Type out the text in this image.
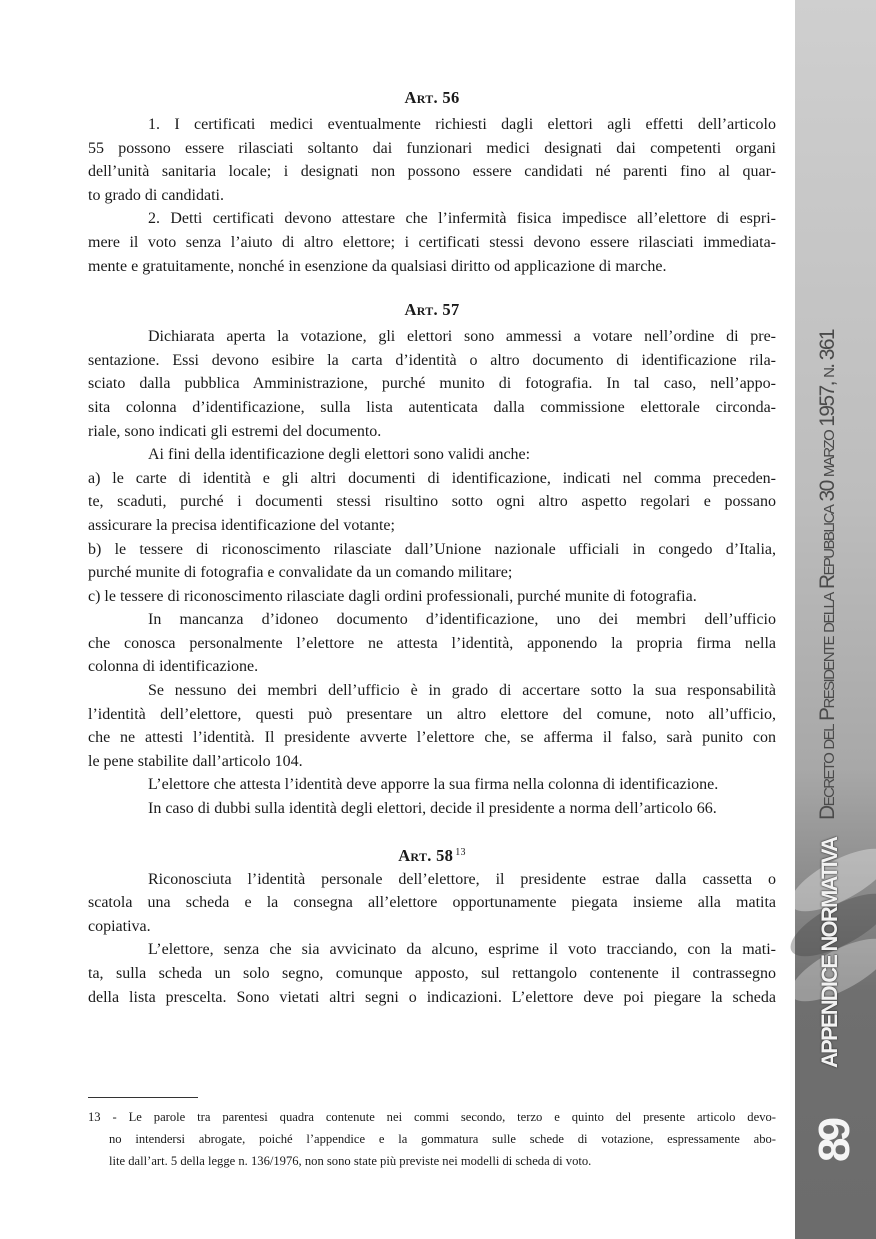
Art. 56
1. I certificati medici eventualmente richiesti dagli elettori agli effetti dell’articolo
55 possono essere rilasciati soltanto dai funzionari medici designati dai competenti organi
dell’unità sanitaria locale; i designati non possono essere candidati né parenti fino al quar-
to grado di candidati.
2. Detti certificati devono attestare che l’infermità fisica impedisce all’elettore di espri-
mere il voto senza l’aiuto di altro elettore; i certificati stessi devono essere rilasciati immediata-
mente e gratuitamente, nonché in esenzione da qualsiasi diritto od applicazione di marche.
Art. 57
Dichiarata aperta la votazione, gli elettori sono ammessi a votare nell’ordine di pre-
sentazione. Essi devono esibire la carta d’identità o altro documento di identificazione rila-
sciato dalla pubblica Amministrazione, purché munito di fotografia. In tal caso, nell’appo-
sita colonna d’identificazione, sulla lista autenticata dalla commissione elettorale circonda-
riale, sono indicati gli estremi del documento.
Ai fini della identificazione degli elettori sono validi anche:
a) le carte di identità e gli altri documenti di identificazione, indicati nel comma preceden-
te, scaduti, purché i documenti stessi risultino sotto ogni altro aspetto regolari e possano
assicurare la precisa identificazione del votante;
b) le tessere di riconoscimento rilasciate dall’Unione nazionale ufficiali in congedo d’Italia,
purché munite di fotografia e convalidate da un comando militare;
c) le tessere di riconoscimento rilasciate dagli ordini professionali, purché munite di fotografia.
In mancanza d’idoneo documento d’identificazione, uno dei membri dell’ufficio
che conosca personalmente l’elettore ne attesta l’identità, apponendo la propria firma nella
colonna di identificazione.
Se nessuno dei membri dell’ufficio è in grado di accertare sotto la sua responsabilità
l’identità dell’elettore, questi può presentare un altro elettore del comune, noto all’ufficio,
che ne attesti l’identità. Il presidente avverte l’elettore che, se afferma il falso, sarà punito con
le pene stabilite dall’articolo 104.
L’elettore che attesta l’identità deve apporre la sua firma nella colonna di identificazione.
In caso di dubbi sulla identità degli elettori, decide il presidente a norma dell’articolo 66.
Art. 58 $^{13}$
Riconosciuta l’identità personale dell’elettore, il presidente estrae dalla cassetta o
scatola una scheda e la consegna all’elettore opportunamente piegata insieme alla matita
copiativa.
L’elettore, senza che sia avvicinato da alcuno, esprime il voto tracciando, con la mati-
ta, sulla scheda un solo segno, comunque apposto, sul rettangolo contenente il contrassegno
della lista prescelta. Sono vietati altri segni o indicazioni. L’elettore deve poi piegare la scheda
13 - Le parole tra parentesi quadra contenute nei commi secondo, terzo e quinto del presente articolo devo-
no intendersi abrogate, poiché l’appendice e la gommatura sulle schede di votazione, espressamente abo-
lite dall’art. 5 della legge n. 136/1976, non sono state più previste nei modelli di scheda di voto.
Decreto del Presidente della Repubblica 30 marzo 1957, n. 361
APPENDICE NORMATIVA
89
